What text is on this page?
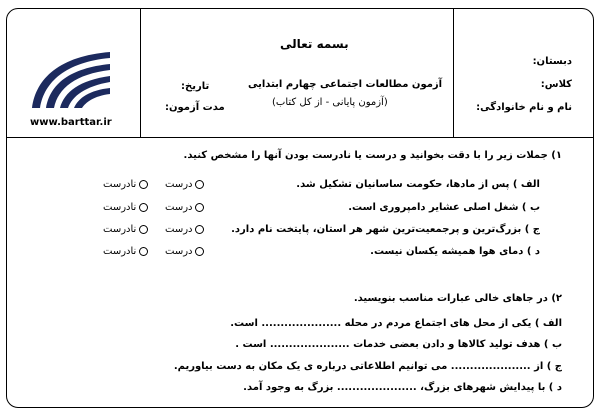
www.barttar.ir
بسمه تعالی
آزمون مطالعات اجتماعی چهارم ابتدایی
(آزمون پایانی - از کل کتاب)
تاریخ:
مدت آزمون:
دبستان:
کلاس:
نام و نام خانوادگی:
۱) جملات زیر را با دقت بخوانید و درست یا نادرست بودن آنها را مشخص کنید.
الف ) پس از مادها، حکومت ساسانیان تشکیل شد.
ب ) شغل اصلی عشایر دامپروری است.
ج ) بزرگ‌ترین و پرجمعیت‌ترین شهر هر استان، پایتخت نام دارد.
د ) دمای هوا همیشه یکسان نیست.
درست
نادرست
درست
نادرست
درست
نادرست
درست
نادرست
۲) در جاهای خالی عبارات مناسب بنویسید.
الف ) یکی از محل های اجتماع مردم در محله ..................... است.
ب ) هدف تولید کالاها و دادن بعضی خدمات ..................... است .
ج ) از ..................... می توانیم اطلاعاتی درباره ی یک مکان به دست بیاوریم.
د ) با پیدایش شهرهای بزرگ، ..................... بزرگ به وجود آمد.
